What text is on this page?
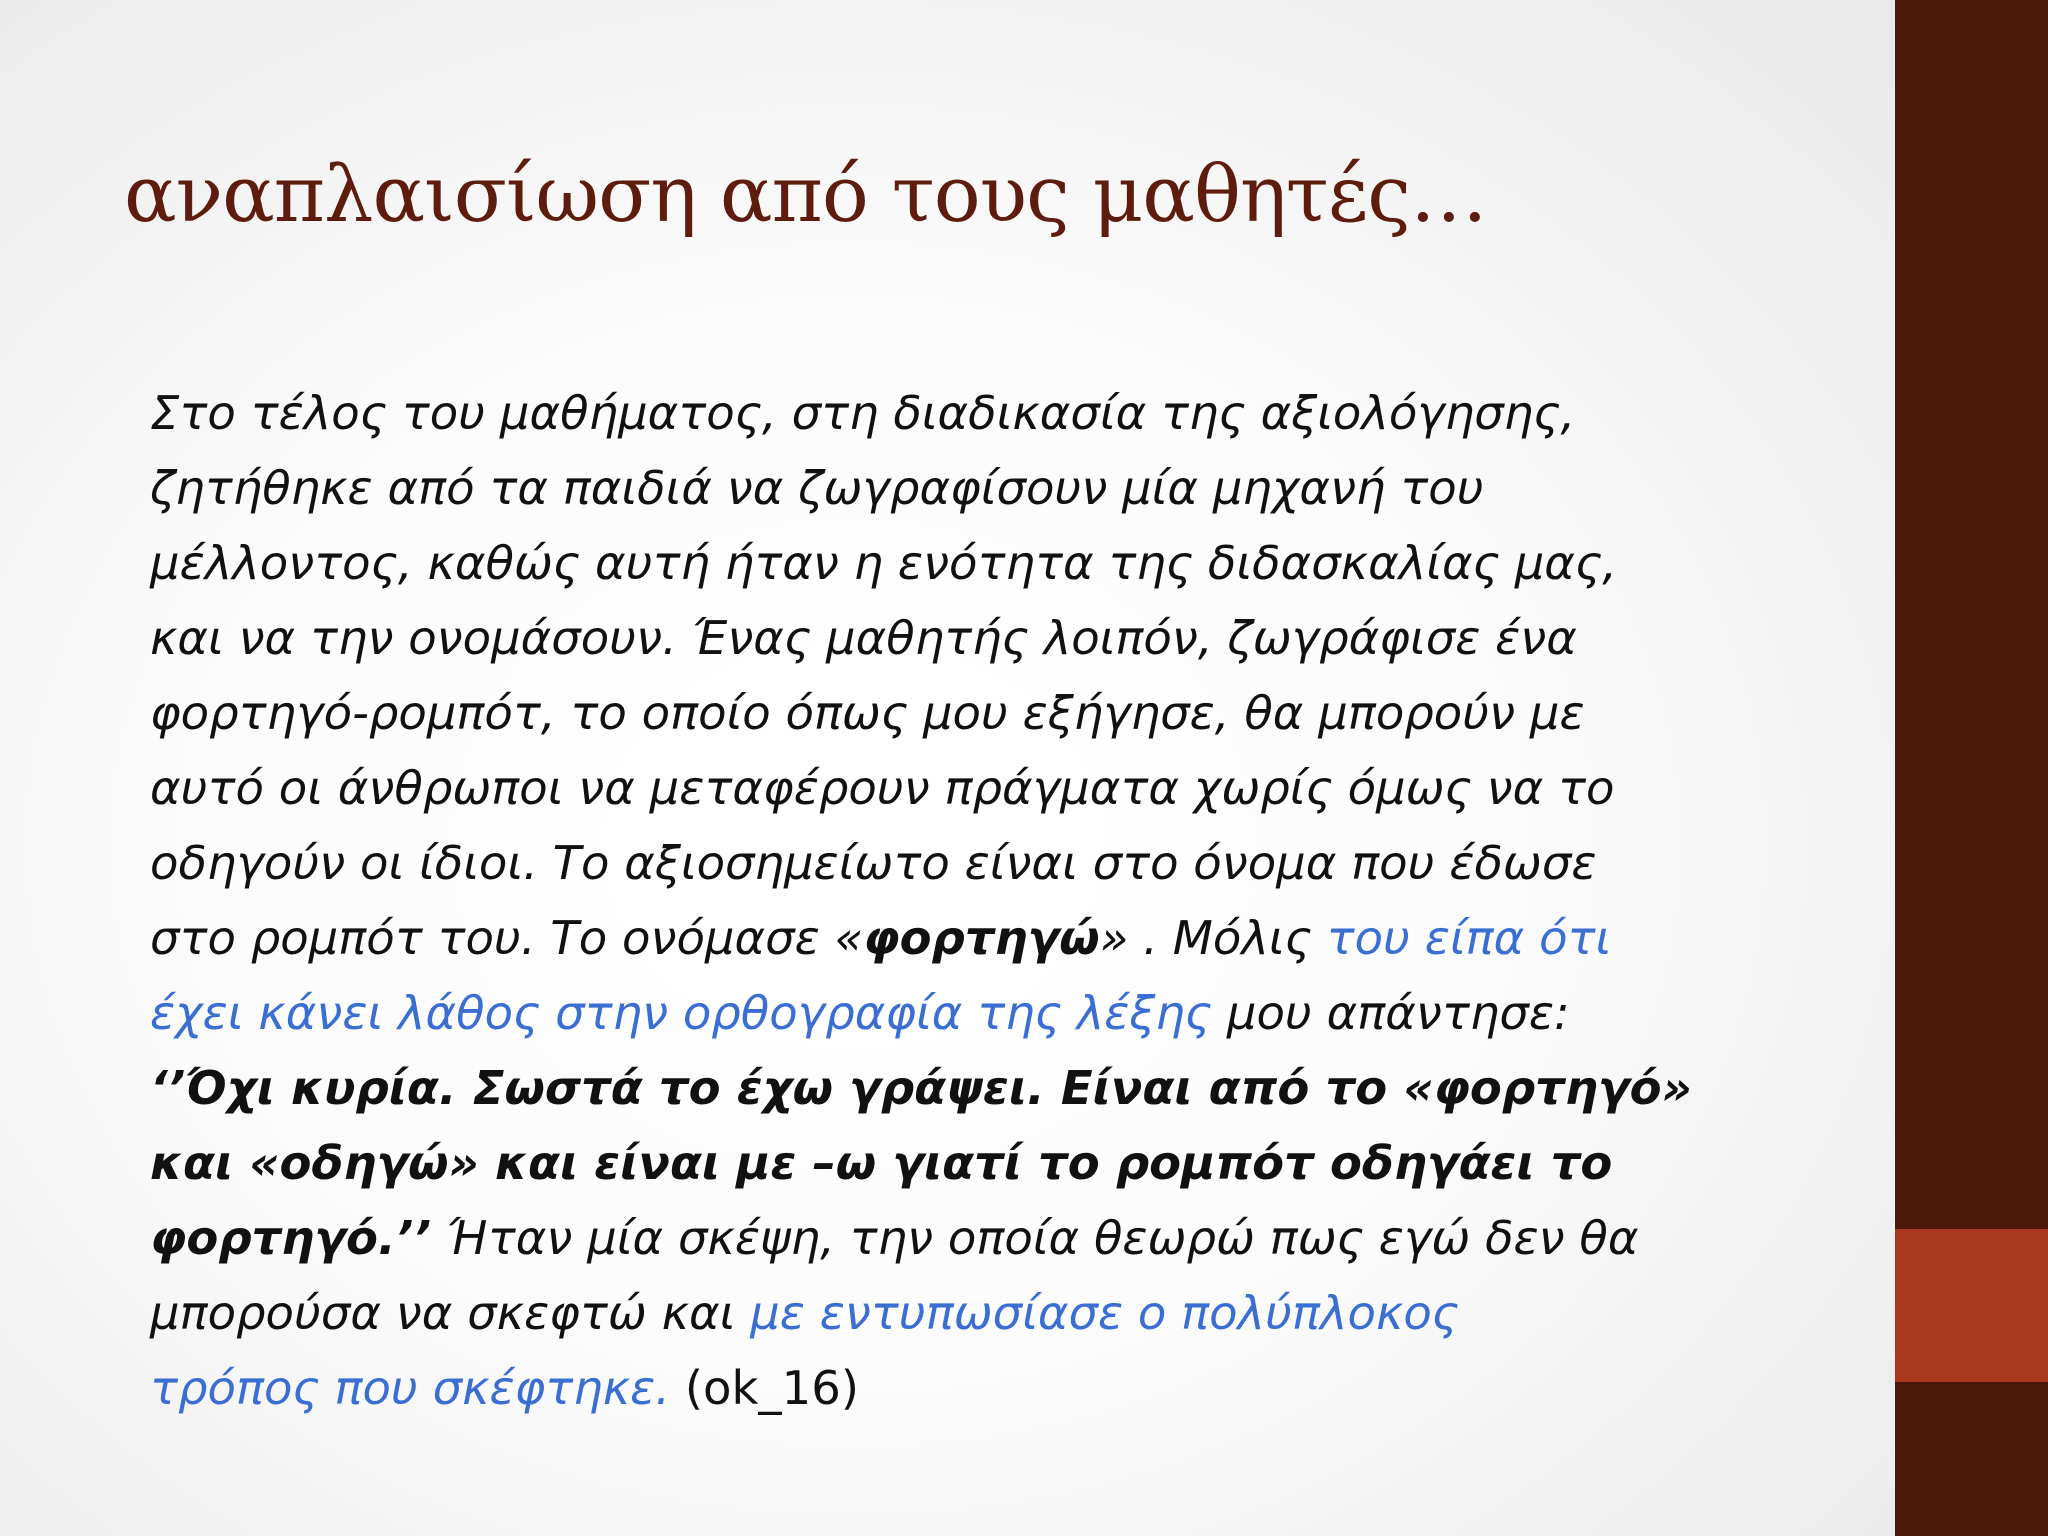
αναπλαισίωση από τους μαθητές…
Στο τέλος του μαθήματος, στη διαδικασία της αξιολόγησης,
ζητήθηκε από τα παιδιά να ζωγραφίσουν μία μηχανή του
μέλλοντος, καθώς αυτή ήταν η ενότητα της διδασκαλίας μας,
και να την ονομάσουν. Ένας μαθητής λοιπόν, ζωγράφισε ένα
φορτηγό-ρομπότ, το οποίο όπως μου εξήγησε, θα μπορούν με
αυτό οι άνθρωποι να μεταφέρουν πράγματα χωρίς όμως να το
οδηγούν οι ίδιοι. Το αξιοσημείωτο είναι στο όνομα που έδωσε
στο ρομπότ του. Το ονόμασε «φορτηγώ» . Μόλις του είπα ότι
έχει κάνει λάθος στην ορθογραφία της λέξης μου απάντησε:
‘’Όχι κυρία. Σωστά το έχω γράψει. Είναι από το «φορτηγό»
και «οδηγώ» και είναι με –ω γιατί το ρομπότ οδηγάει το
φορτηγό.’’ Ήταν μία σκέψη, την οποία θεωρώ πως εγώ δεν θα
μπορούσα να σκεφτώ και με εντυπωσίασε ο πολύπλοκος
τρόπος που σκέφτηκε. (ok_16)
